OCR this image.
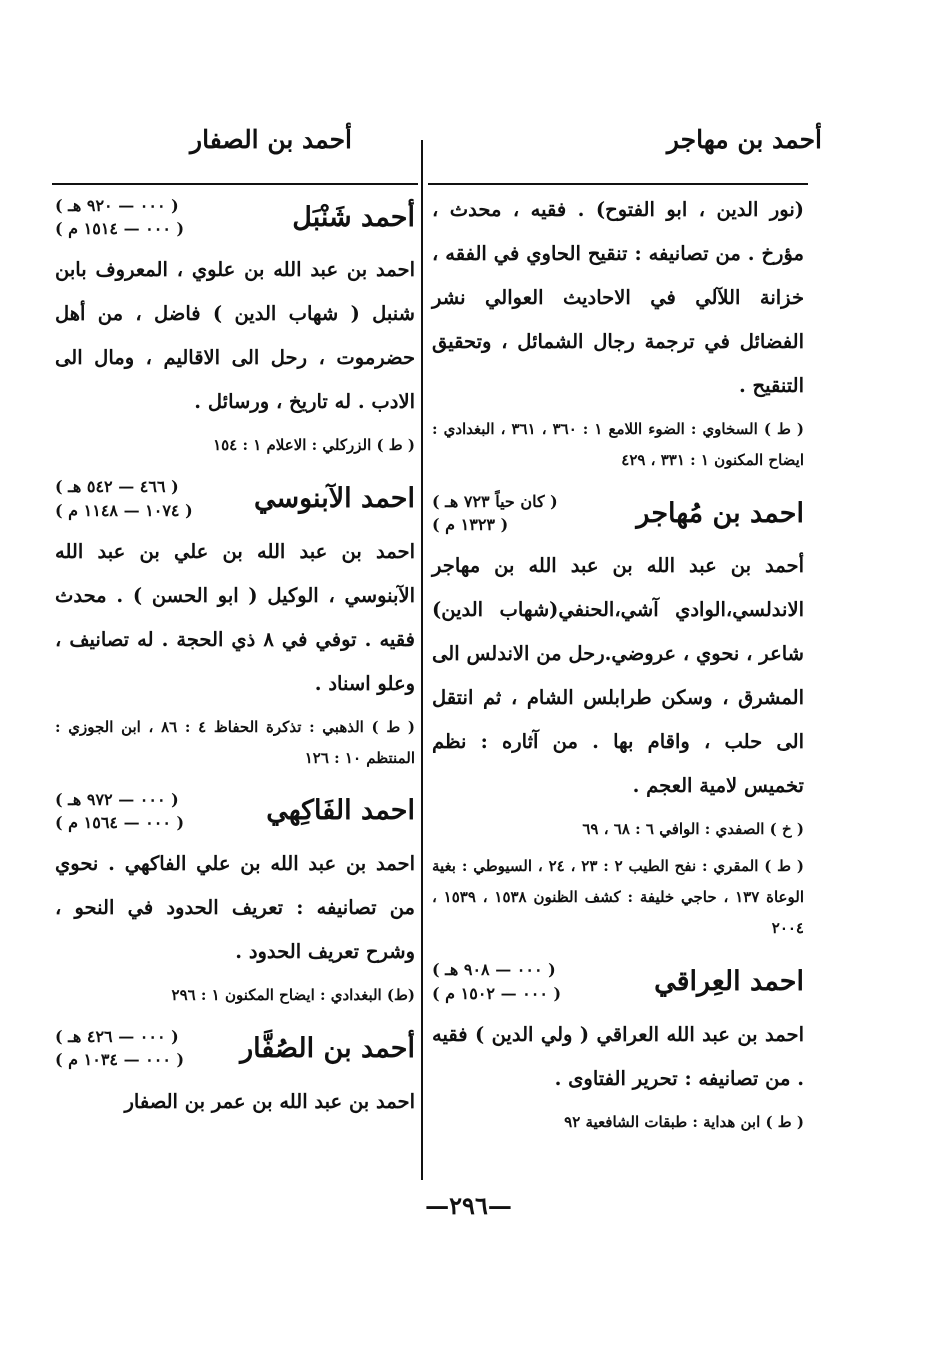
أحمد بن مهاجر
أحمد بن الصفار

(نور الدين ، ابو الفتوح) . فقيه ، محدث ، مؤرخ . من تصانيفه : تنقيح الحاوي في الفقه ، خزانة اللآلي في الاحاديث العوالي نشر الفضائل في ترجمة رجال الشمائل ، وتحقيق التنقيح .

( ط ) السخاوي : الضوء اللامع ١ : ٣٦٠ ، ٣٦١ ، البغدادي : ايضاح المكنون ١ : ٣٣١ ، ٤٢٩

احمد بن مُهاجر
( كان حياً ٧٢٣ هـ )
( ١٣٢٣ م )

أحمد بن عبد الله بن عبد الله بن مهاجر الاندلسي،الوادي آشي،الحنفي(شهاب الدين) شاعر ، نحوي ، عروضي.رحل من الاندلس الى المشرق ، وسكن طرابلس الشام ، ثم انتقل الى حلب ، واقام بها . من آثاره : نظم تخميس لامية العجم .

( خ ) الصفدي : الوافي ٦ : ٦٨ ، ٦٩

( ط ) المقري : نفح الطيب ٢ : ٢٣ ، ٢٤ ، السيوطي : بغية الوعاة ١٣٧ ، حاجي خليفة : كشف الظنون ١٥٣٨ ، ١٥٣٩ ، ٢٠٠٤

احمد العِراقي
( ٠٠٠ — ٩٠٨ هـ )
( ٠٠٠ — ١٥٠٢ م )

احمد بن عبد الله العراقي ( ولي الدين ) فقيه . من تصانيفه : تحرير الفتاوى .

( ط ) ابن هداية : طبقات الشافعية ٩٢

أحمد شَنْبَل
( ٠٠٠ — ٩٢٠ هـ )
( ٠٠٠ — ١٥١٤ م )

احمد بن عبد الله بن علوي ، المعروف بابن شنبل ( شهاب الدين ) فاضل ، من أهل حضرموت ، رحل الى الاقاليم ، ومال الى الادب . له تاريخ ، ورسائل .

( ط ) الزركلي : الاعلام ١ : ١٥٤

احمد الآبنوسي
( ٤٦٦ — ٥٤٢ هـ )
( ١٠٧٤ — ١١٤٨ م )

احمد بن عبد الله بن علي بن عبد الله الآبنوسي ، الوكيل ( ابو الحسن ) . محدث فقيه . توفي في ٨ ذي الحجة . له تصانيف ، وعلو اسناد .

( ط ) الذهبي : تذكرة الحفاظ ٤ : ٨٦ ، ابن الجوزي : المنتظم ١٠ : ١٢٦

احمد الفَاكِهي
( ٠٠٠ — ٩٧٢ هـ )
( ٠٠٠ — ١٥٦٤ م )

احمد بن عبد الله بن علي الفاكهي . نحوي من تصانيفه : تعريف الحدود في النحو ، وشرح تعريف الحدود .

(ط) البغدادي : ايضاح المكنون ١ : ٢٩٦

أحمد بن الصُفَّار
( ٠٠٠ — ٤٢٦ هـ )
( ٠٠٠ — ١٠٣٤ م )

احمد بن عبد الله بن عمر بن الصفار

—٢٩٦—
